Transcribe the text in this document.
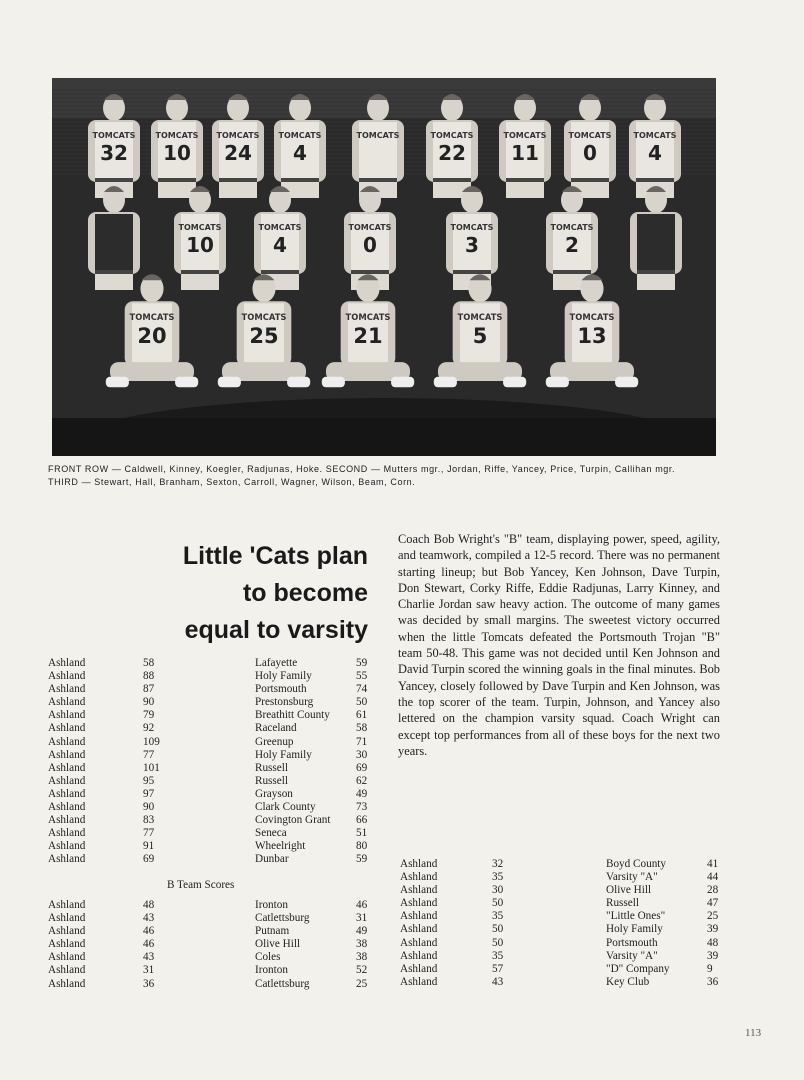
TOMCATS
32
TOMCATS
10
TOMCATS
24
TOMCATS
4
TOMCATS	TOMCATS
22
TOMCATS
11
TOMCATS
0
TOMCATS
4
TOMCATS
10
TOMCATS
4
TOMCATS
0
TOMCATS
3
TOMCATS
2
TOMCATS
20
TOMCATS
25
TOMCATS
21
TOMCATS
5
TOMCATS
13
FRONT ROW — Caldwell, Kinney, Koegler, Radjunas, Hoke. SECOND — Mutters mgr., Jordan, Riffe, Yancey, Price, Turpin, Callihan mgr.
THIRD — Stewart, Hall, Branham, Sexton, Carroll, Wagner, Wilson, Beam, Corn.
Little 'Cats plan
to become
equal to varsity
Coach Bob Wright's "B" team, displaying power, speed, agility, and teamwork, compiled a 12-5 record. There was no permanent starting lineup; but Bob Yancey, Ken Johnson, Dave Turpin, Don Stewart, Corky Riffe, Eddie Radjunas, Larry Kinney, and Charlie Jordan saw heavy action. The outcome of many games was decided by small margins. The sweetest victory occurred when the little Tomcats defeated the Portsmouth Trojan "B" team 50-48. This game was not decided until Ken Johnson and David Turpin scored the winning goals in the final minutes. Bob Yancey, closely followed by Dave Turpin and Ken Johnson, was the top scorer of the team. Turpin, Johnson, and Yancey also lettered on the champion varsity squad. Coach Wright can except top performances from all of these boys for the next two years.
Ashland	58	Lafayette	59
Ashland	88	Holy Family	55
Ashland	87	Portsmouth	74
Ashland	90	Prestonsburg	50
Ashland	79	Breathitt County 61
Ashland	92	Raceland	58
Ashland	109	Greenup	71
Ashland	77	Holy Family	30
Ashland	101	Russell	69
Ashland	95	Russell	62
Ashland	97	Grayson	49
Ashland	90	Clark County	73
Ashland	83	Covington Grant 66
Ashland	77	Seneca	51
Ashland	91	Wheelright	80
Ashland	69	Dunbar	59
B Team Scores
Ashland	48	Ironton	46
Ashland	43	Catlettsburg	31
Ashland	46	Putnam	49
Ashland	46	Olive Hill	38
Ashland	43	Coles	38
Ashland	31	Ironton	52
Ashland	36	Catlettsburg	25
Ashland	32	Boyd County	41
Ashland	35	Varsity "A"	44
Ashland	30	Olive Hill	28
Ashland	50	Russell	47
Ashland	35	"Little Ones"	25
Ashland	50	Holy Family	39
Ashland	50	Portsmouth	48
Ashland	35	Varsity "A"	39
Ashland	57	"D" Company	9
Ashland	43	Key Club	36
113
